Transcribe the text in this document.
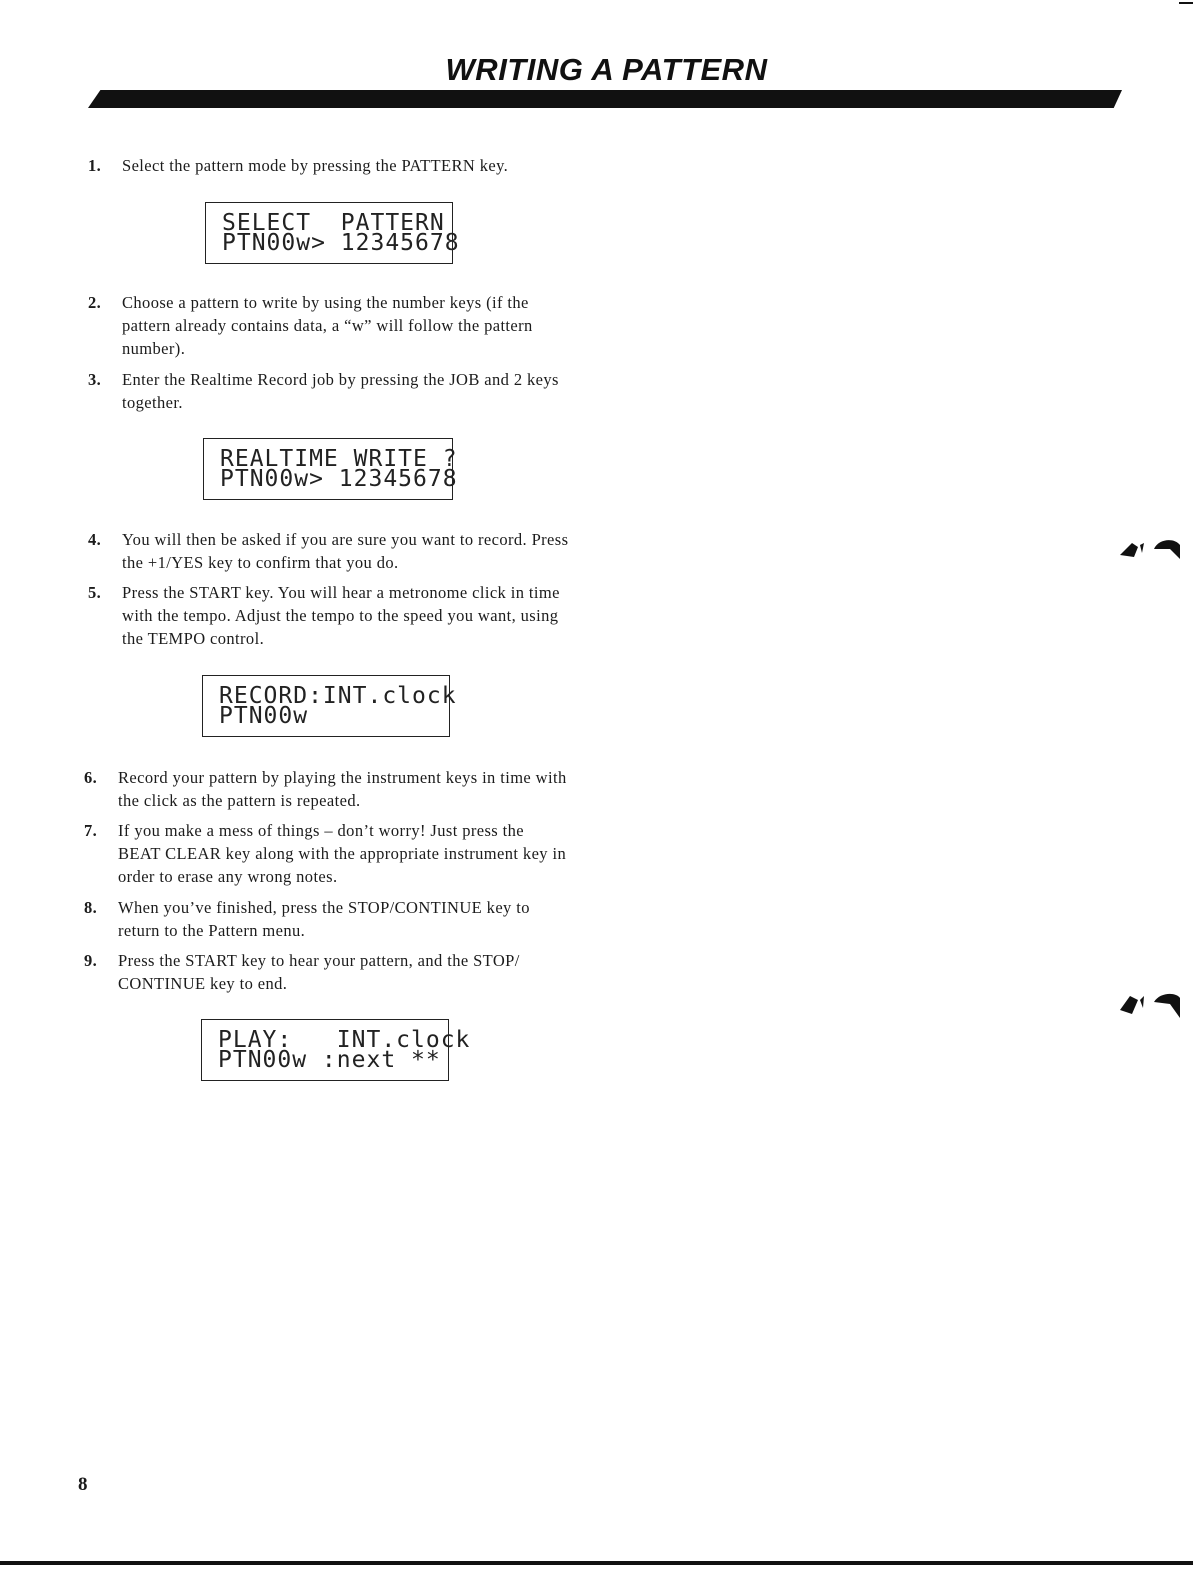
WRITING A PATTERN
1. Select the pattern mode by pressing the PATTERN key.
SELECT  PATTERN
PTN00w> 12345678
2. Choose a pattern to write by using the number keys (if the pattern already contains data, a “w” will follow the pattern number).
3. Enter the Realtime Record job by pressing the JOB and 2 keys together.
REALTIME WRITE ?
PTN00w> 12345678
4. You will then be asked if you are sure you want to record. Press the +1/YES key to confirm that you do.
5. Press the START key. You will hear a metronome click in time with the tempo. Adjust the tempo to the speed you want, using the TEMPO control.
RECORD:INT.clock
PTN00w
6. Record your pattern by playing the instrument keys in time with the click as the pattern is repeated.
7. If you make a mess of things – don’t worry! Just press the BEAT CLEAR key along with the appropriate instrument key in order to erase any wrong notes.
8. When you’ve finished, press the STOP/CONTINUE key to return to the Pattern menu.
9. Press the START key to hear your pattern, and the STOP/ CONTINUE key to end.
PLAY:   INT.clock
PTN00w :next **
8
